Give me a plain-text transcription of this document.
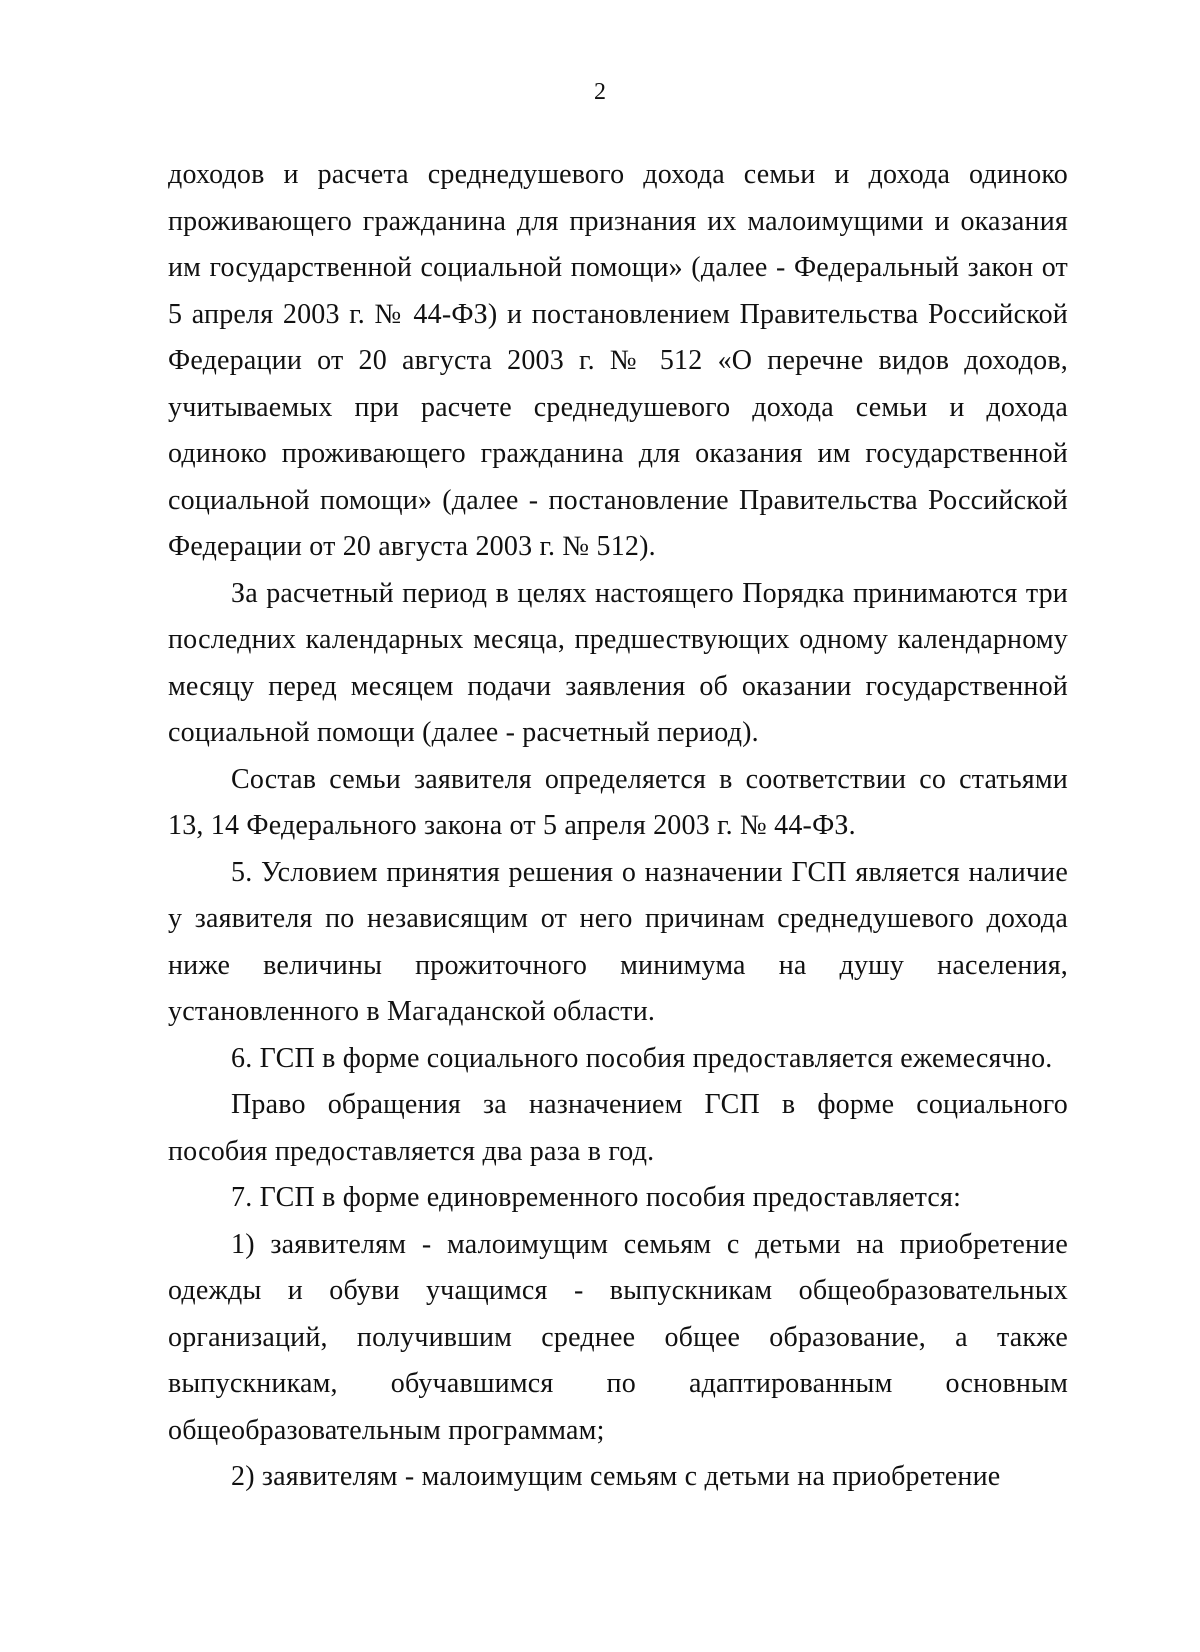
2

доходов и расчета среднедушевого дохода семьи и дохода одиноко проживающего гражданина для признания их малоимущими и оказания им государственной социальной помощи» (далее - Федеральный закон от 5 апреля 2003 г. № 44-ФЗ) и постановлением Правительства Российской Федерации от 20 августа 2003 г. № 512 «О перечне видов доходов, учитываемых при расчете среднедушевого дохода семьи и дохода одиноко проживающего гражданина для оказания им государственной социальной помощи» (далее - постановление Правительства Российской Федерации от 20 августа 2003 г. № 512).

За расчетный период в целях настоящего Порядка принимаются три последних календарных месяца, предшествующих одному календарному месяцу перед месяцем подачи заявления об оказании государственной социальной помощи (далее - расчетный период).

Состав семьи заявителя определяется в соответствии со статьями 13, 14 Федерального закона от 5 апреля 2003 г. № 44-ФЗ.

5. Условием принятия решения о назначении ГСП является наличие у заявителя по независящим от него причинам среднедушевого дохода ниже величины прожиточного минимума на душу населения, установленного в Магаданской области.

6. ГСП в форме социального пособия предоставляется ежемесячно.

Право обращения за назначением ГСП в форме социального пособия предоставляется два раза в год.

7. ГСП в форме единовременного пособия предоставляется:

1) заявителям - малоимущим семьям с детьми на приобретение одежды и обуви учащимся - выпускникам общеобразовательных организаций, получившим среднее общее образование, а также выпускникам, обучавшимся по адаптированным основным общеобразовательным программам;

2) заявителям - малоимущим семьям с детьми на приобретение
